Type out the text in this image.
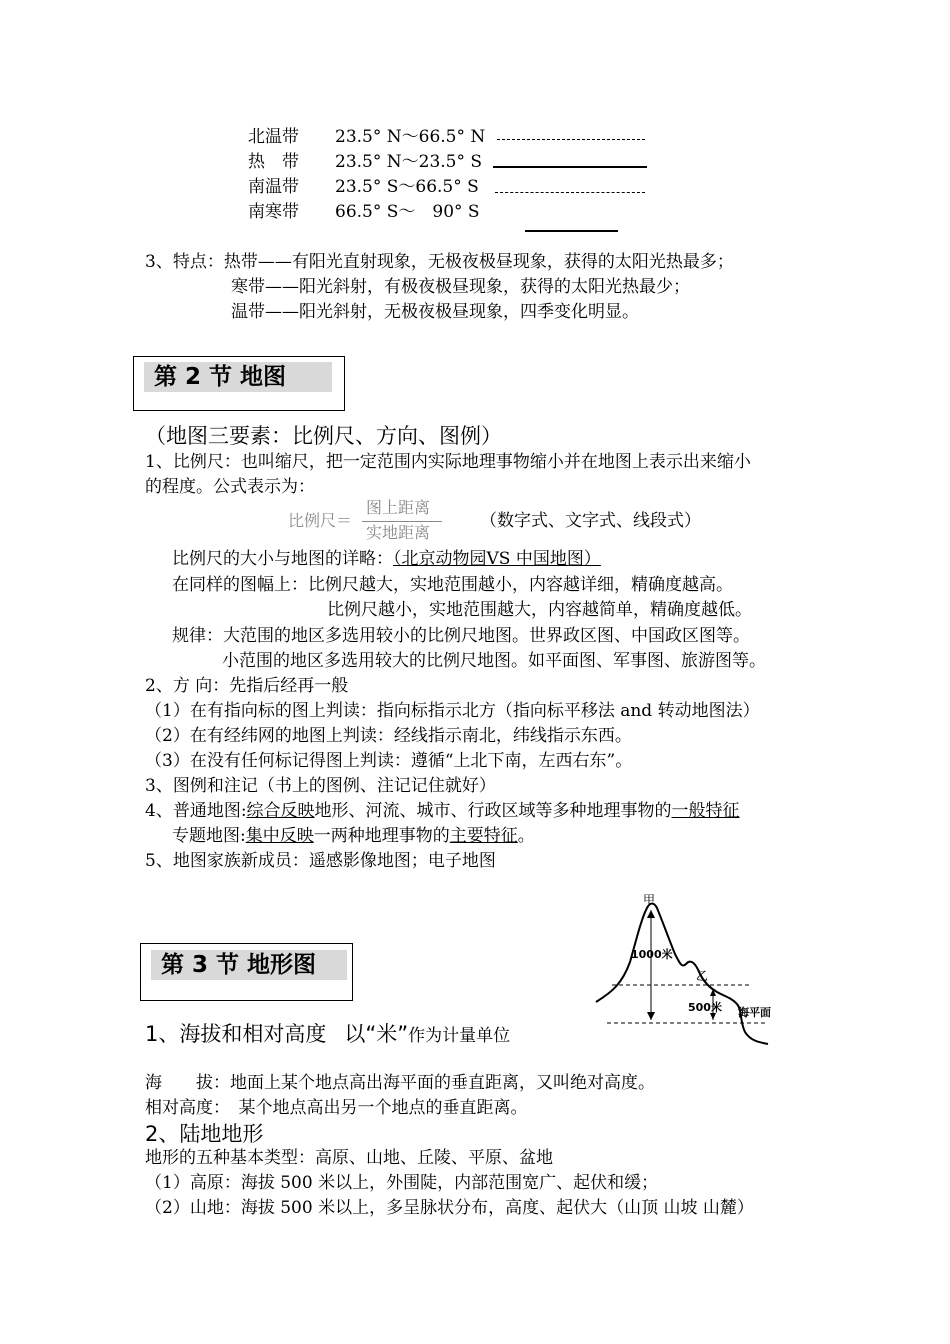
北温带 23.5° N～66.5° N
热　带 23.5° N～23.5° S
南温带 23.5° S～66.5° S
南寒带 66.5° S～　90° S
3、特点：热带——有阳光直射现象，无极夜极昼现象，获得的太阳光热最多；
寒带——阳光斜射，有极夜极昼现象，获得的太阳光热最少；
温带——阳光斜射，无极夜极昼现象，四季变化明显。
第 2 节 地图
（地图三要素：比例尺、方向、图例）
1、比例尺：也叫缩尺，把一定范围内实际地理事物缩小并在地图上表示出来缩小
的程度。公式表示为：
比例尺＝
图上距离
实地距离
（数字式、文字式、线段式）
比例尺的大小与地图的详略：（北京动物园VS 中国地图）
在同样的图幅上：比例尺越大，实地范围越小，内容越详细，精确度越高。
比例尺越小，实地范围越大，内容越简单，精确度越低。
规律：大范围的地区多选用较小的比例尺地图。世界政区图、中国政区图等。
小范围的地区多选用较大的比例尺地图。如平面图、军事图、旅游图等。
2、方 向：先指后经再一般
（1）在有指向标的图上判读：指向标指示北方（指向标平移法 and 转动地图法）
（2）在有经纬网的地图上判读：经线指示南北，纬线指示东西。
（3）在没有任何标记得图上判读：遵循“上北下南，左西右东”。
3、图例和注记（书上的图例、注记记住就好）
4、普通地图:综合反映地形、河流、城市、行政区域等多种地理事物的一般特征
专题地图:集中反映一两种地理事物的主要特征。
5、地图家族新成员：遥感影像地图；电子地图
第 3 节 地形图
甲
1000米
乙
500米 海平面
1、海拔和相对高度 以“米”作为计量单位
海　　拔：地面上某个地点高出海平面的垂直距离，又叫绝对高度。
相对高度：　某个地点高出另一个地点的垂直距离。
2、陆地地形
地形的五种基本类型：高原、山地、丘陵、平原、盆地
（1）高原：海拔 500 米以上，外围陡，内部范围宽广、起伏和缓；
（2）山地：海拔 500 米以上，多呈脉状分布，高度、起伏大（山顶 山坡 山麓）
